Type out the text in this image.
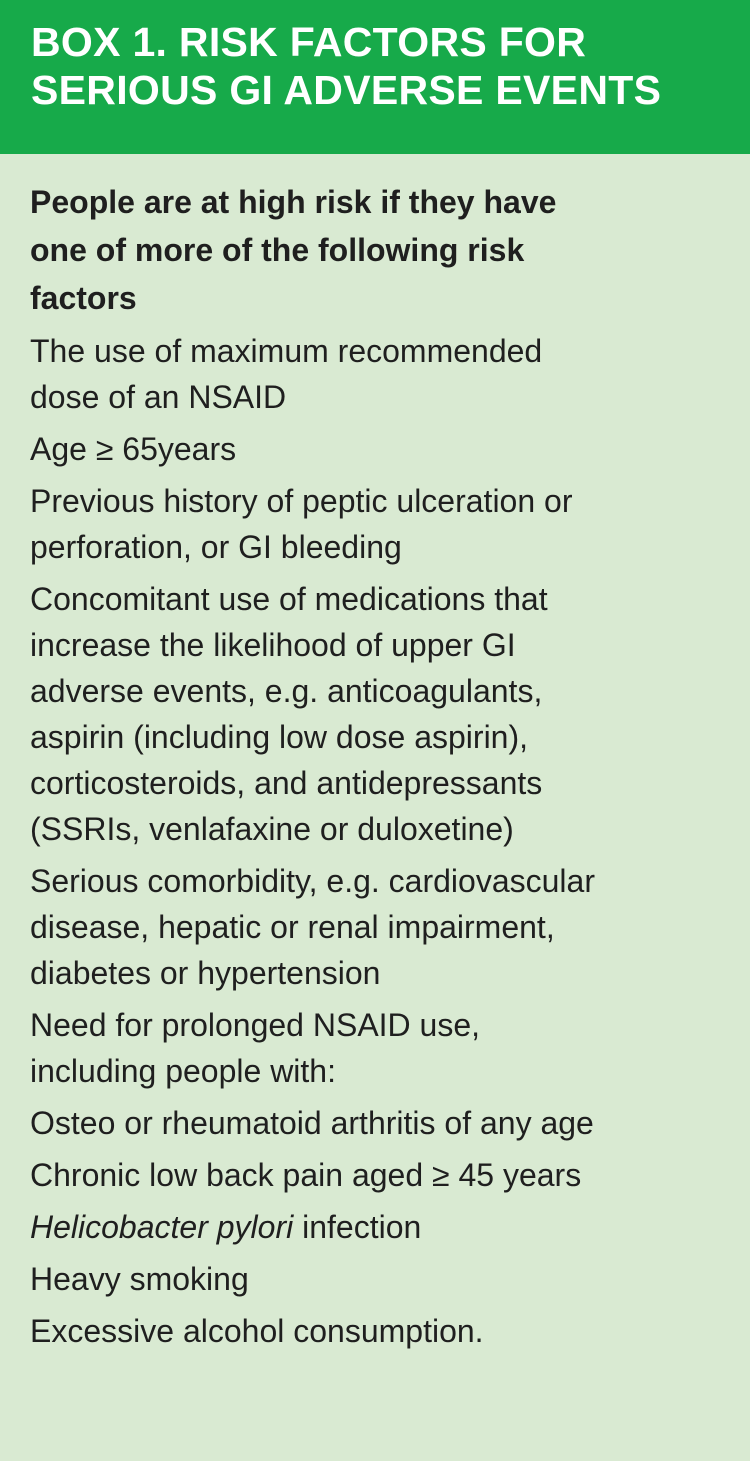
BOX 1. RISK FACTORS FOR
SERIOUS GI ADVERSE EVENTS
People are at high risk if they have
one of more of the following risk
factors
The use of maximum recommended
dose of an NSAID
Age ≥ 65years
Previous history of peptic ulceration or
perforation, or GI bleeding
Concomitant use of medications that
increase the likelihood of upper GI
adverse events, e.g. anticoagulants,
aspirin (including low dose aspirin),
corticosteroids, and antidepressants
(SSRIs, venlafaxine or duloxetine)
Serious comorbidity, e.g. cardiovascular
disease, hepatic or renal impairment,
diabetes or hypertension
Need for prolonged NSAID use,
including people with:
Osteo or rheumatoid arthritis of any age
Chronic low back pain aged ≥ 45 years
Helicobacter pylori infection
Heavy smoking
Excessive alcohol consumption.
